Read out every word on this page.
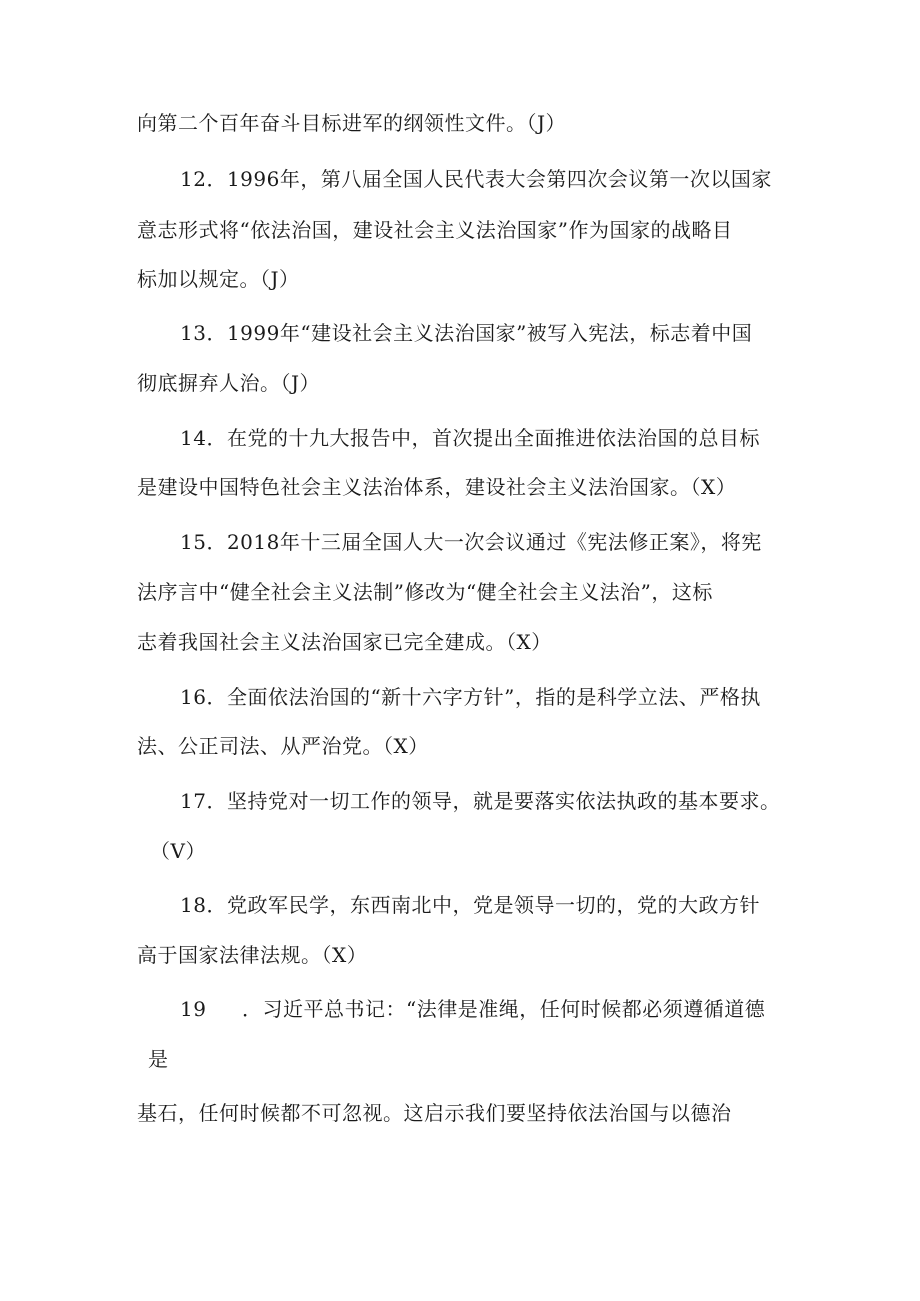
向第二个百年奋斗目标进军的纲领性文件。（J）
12．1996年，第八届全国人民代表大会第四次会议第一次以国家
意志形式将“依法治国，建设社会主义法治国家”作为国家的战略目
标加以规定。（J）
13．1999年“建设社会主义法治国家”被写入宪法，标志着中国
彻底摒弃人治。（J）
14．在党的十九大报告中，首次提出全面推进依法治国的总目标
是建设中国特色社会主义法治体系，建设社会主义法治国家。（X）
15．2018年十三届全国人大一次会议通过《宪法修正案》，将宪
法序言中“健全社会主义法制”修改为“健全社会主义法治”，这标
志着我国社会主义法治国家已完全建成。（X）
16．全面依法治国的“新十六字方针”，指的是科学立法、严格执
法、公正司法、从严治党。（X）
17．坚持党对一切工作的领导，就是要落实依法执政的基本要求。
（V）
18．党政军民学，东西南北中，党是领导一切的，党的大政方针
高于国家法律法规。（X）
19 ．习近平总书记：“法律是准绳，任何时候都必须遵循道德
是
基石，任何时候都不可忽视。这启示我们要坚持依法治国与以德治
